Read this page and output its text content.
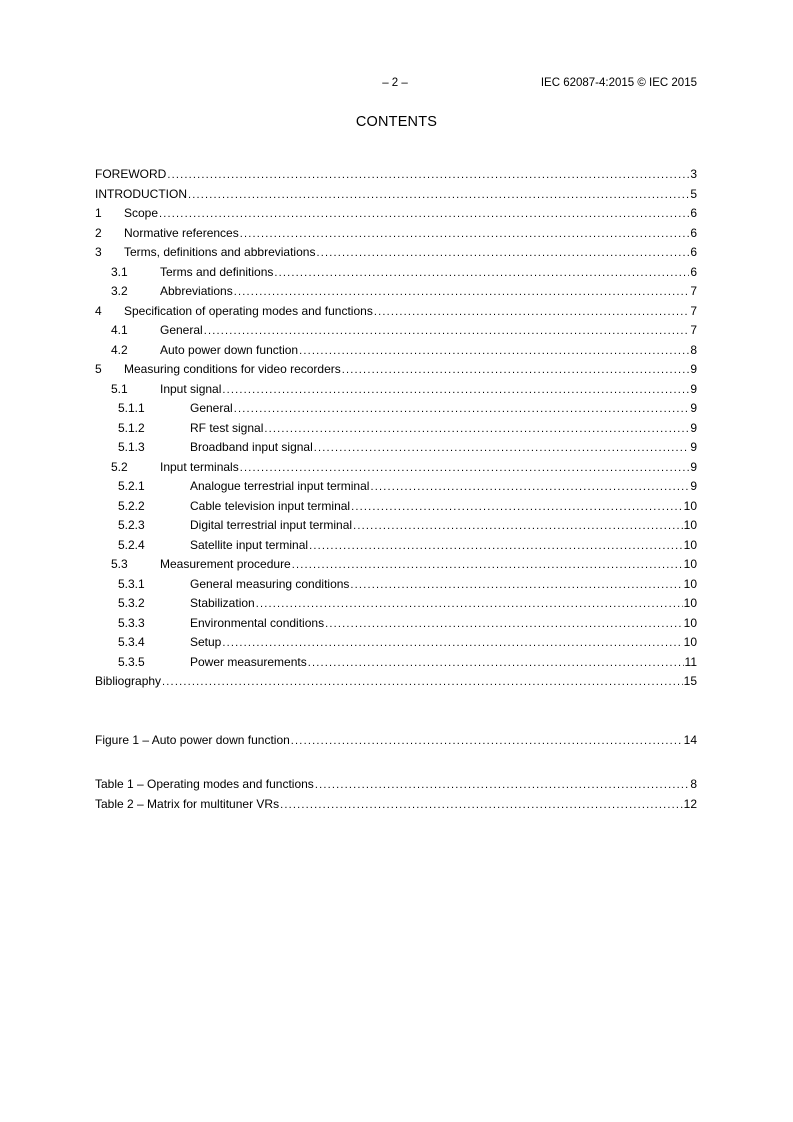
– 2 –	IEC 62087-4:2015 © IEC 2015
CONTENTS
FOREWORD .....	3
INTRODUCTION .....	5
1	Scope .....	6
2	Normative references .....	6
3	Terms, definitions and abbreviations .....	6
3.1	Terms and definitions .....	6
3.2	Abbreviations .....	7
4	Specification of operating modes and functions .....	7
4.1	General .....	7
4.2	Auto power down function .....	8
5	Measuring conditions for video recorders .....	9
5.1	Input signal .....	9
5.1.1	General .....	9
5.1.2	RF test signal .....	9
5.1.3	Broadband input signal .....	9
5.2	Input terminals .....	9
5.2.1	Analogue terrestrial input terminal .....	9
5.2.2	Cable television input terminal .....	10
5.2.3	Digital terrestrial input terminal .....	10
5.2.4	Satellite input terminal .....	10
5.3	Measurement procedure .....	10
5.3.1	General measuring conditions .....	10
5.3.2	Stabilization .....	10
5.3.3	Environmental conditions .....	10
5.3.4	Setup .....	10
5.3.5	Power measurements .....	11
Bibliography .....	15
Figure 1 – Auto power down function .....	14
Table 1 – Operating modes and functions .....	8
Table 2 – Matrix for multituner VRs .....	12
